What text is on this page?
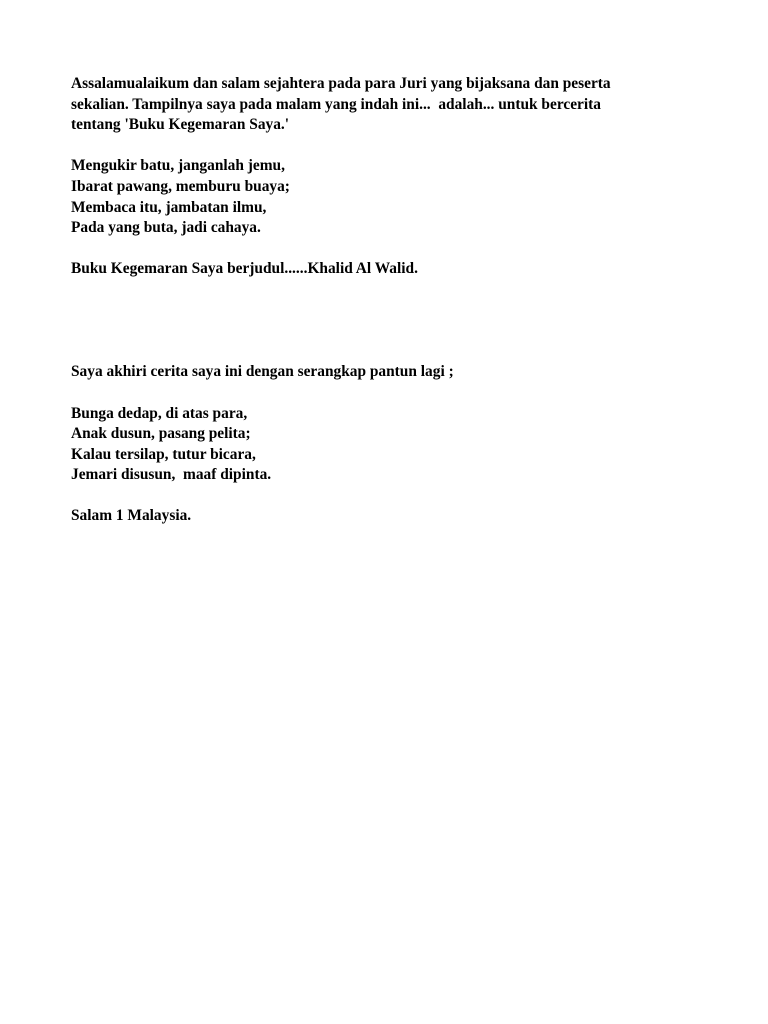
Assalamualaikum dan salam sejahtera pada para Juri yang bijaksana dan peserta
sekalian. Tampilnya saya pada malam yang indah ini...  adalah... untuk bercerita
tentang 'Buku Kegemaran Saya.'
Mengukir batu, janganlah jemu,
Ibarat pawang, memburu buaya;
Membaca itu, jambatan ilmu,
Pada yang buta, jadi cahaya.
Buku Kegemaran Saya berjudul......Khalid Al Walid.
Saya akhiri cerita saya ini dengan serangkap pantun lagi ;
Bunga dedap, di atas para,
Anak dusun, pasang pelita;
Kalau tersilap, tutur bicara,
Jemari disusun,  maaf dipinta.
Salam 1 Malaysia.
